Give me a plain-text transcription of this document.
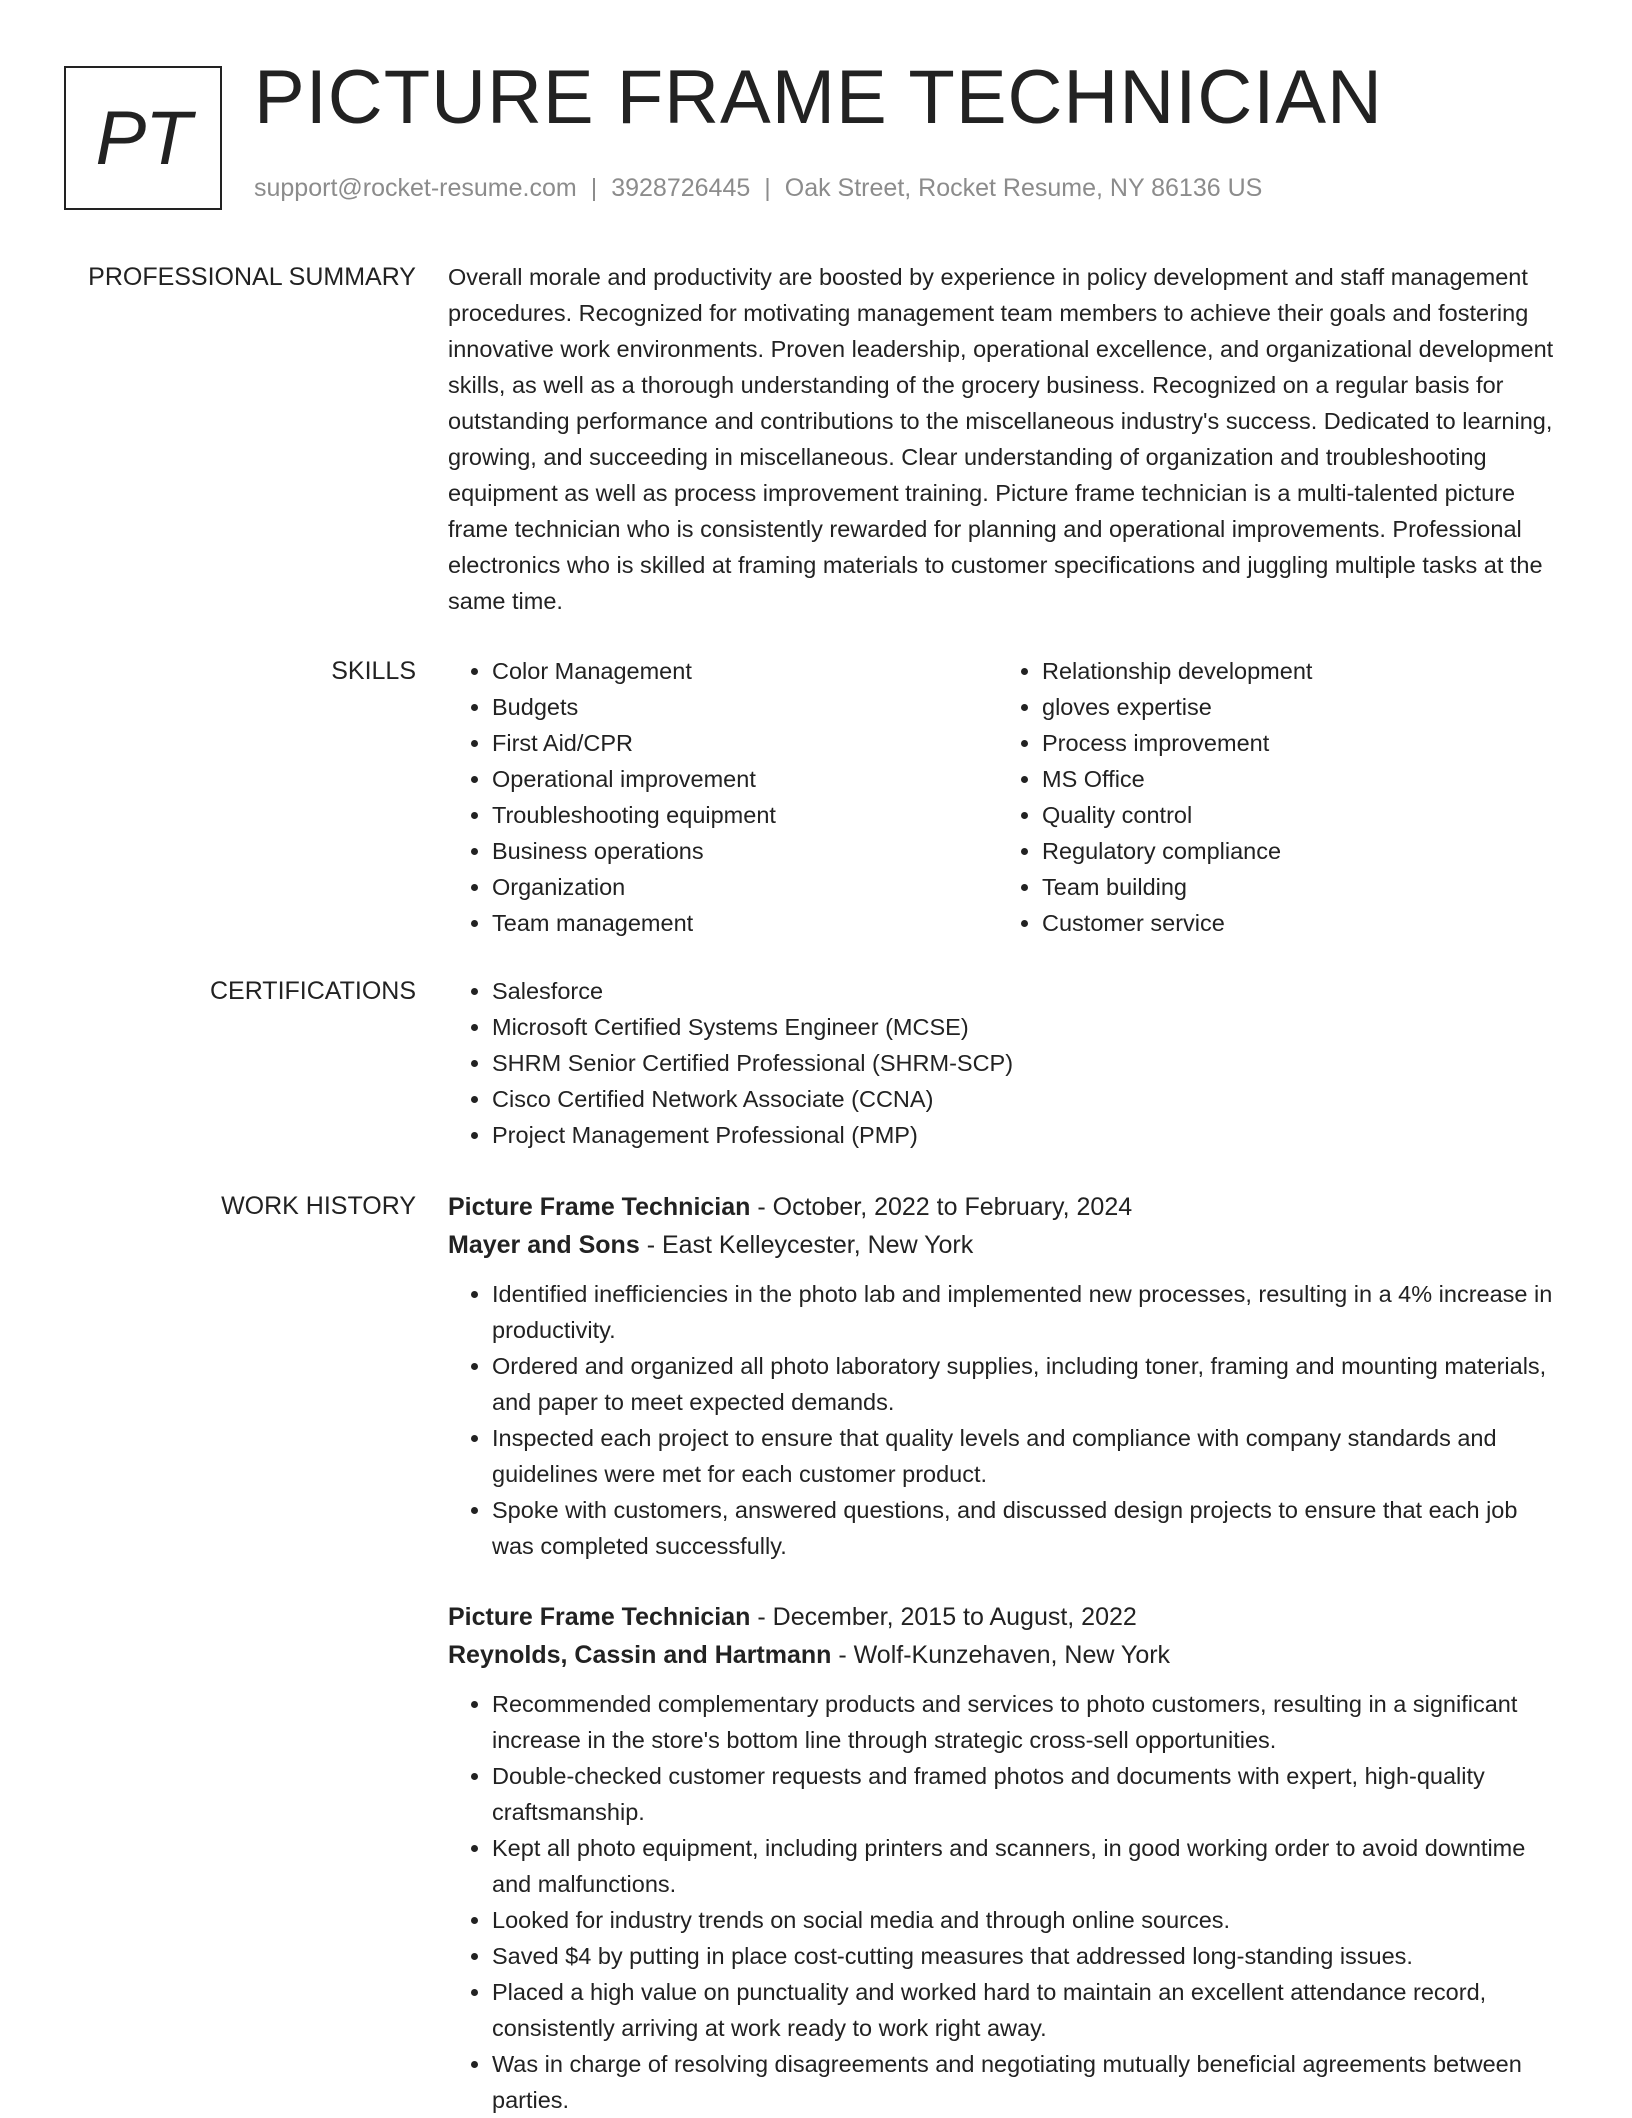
PT PICTURE FRAME TECHNICIAN
support@rocket-resume.com | 3928726445 | Oak Street, Rocket Resume, NY 86136 US
PROFESSIONAL SUMMARY Overall morale and productivity are boosted by experience in policy development and staff management procedures. Recognized for motivating management team members to achieve their goals and fostering innovative work environments. Proven leadership, operational excellence, and organizational development skills, as well as a thorough understanding of the grocery business. Recognized on a regular basis for outstanding performance and contributions to the miscellaneous industry's success. Dedicated to learning, growing, and succeeding in miscellaneous. Clear understanding of organization and troubleshooting equipment as well as process improvement training. Picture frame technician is a multi-talented picture frame technician who is consistently rewarded for planning and operational improvements. Professional electronics who is skilled at framing materials to customer specifications and juggling multiple tasks at the same time.

SKILLS	• Color Management
• Budgets
• First Aid/CPR
• Operational improvement
• Troubleshooting equipment
• Business operations
• Organization
• Team management
• Relationship development
• gloves expertise
• Process improvement
• MS Office
• Quality control
• Regulatory compliance
• Team building
• Customer service
CERTIFICATIONS	• Salesforce
• Microsoft Certified Systems Engineer (MCSE)
• SHRM Senior Certified Professional (SHRM-SCP)
• Cisco Certified Network Associate (CCNA)
• Project Management Professional (PMP)
WORK HISTORY Picture Frame Technician - October, 2022 to February, 2024
Mayer and Sons - East Kelleycester, New York
• Identified inefficiencies in the photo lab and implemented new processes, resulting in a 4% increase in productivity.
• Ordered and organized all photo laboratory supplies, including toner, framing and mounting materials, and paper to meet expected demands.
• Inspected each project to ensure that quality levels and compliance with company standards and guidelines were met for each customer product.
• Spoke with customers, answered questions, and discussed design projects to ensure that each job was completed successfully.
Picture Frame Technician - December, 2015 to August, 2022
Reynolds, Cassin and Hartmann - Wolf-Kunzehaven, New York
• Recommended complementary products and services to photo customers, resulting in a significant increase in the store's bottom line through strategic cross-sell opportunities.
• Double-checked customer requests and framed photos and documents with expert, high-quality craftsmanship.
• Kept all photo equipment, including printers and scanners, in good working order to avoid downtime and malfunctions.
• Looked for industry trends on social media and through online sources.
• Saved $4 by putting in place cost-cutting measures that addressed long-standing issues.
• Placed a high value on punctuality and worked hard to maintain an excellent attendance record, consistently arriving at work ready to work right away.
• Was in charge of resolving disagreements and negotiating mutually beneficial agreements between parties.
